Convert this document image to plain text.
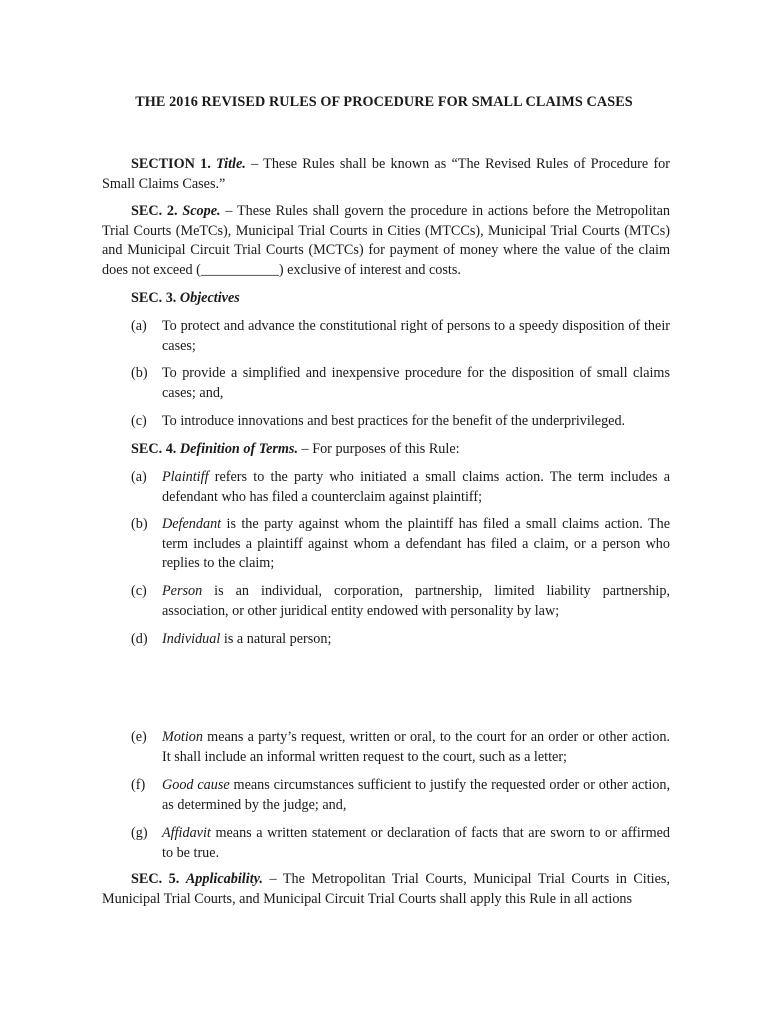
THE 2016 REVISED RULES OF PROCEDURE FOR SMALL CLAIMS CASES
SECTION 1. Title. – These Rules shall be known as “The Revised Rules of Procedure for Small Claims Cases.”
SEC. 2. Scope. – These Rules shall govern the procedure in actions before the Metropolitan Trial Courts (MeTCs), Municipal Trial Courts in Cities (MTCCs), Municipal Trial Courts (MTCs) and Municipal Circuit Trial Courts (MCTCs) for payment of money where the value of the claim does not exceed (___________) exclusive of interest and costs.
SEC. 3. Objectives
(a) To protect and advance the constitutional right of persons to a speedy disposition of their cases;
(b) To provide a simplified and inexpensive procedure for the disposition of small claims cases; and,
(c) To introduce innovations and best practices for the benefit of the underprivileged.
SEC. 4. Definition of Terms. – For purposes of this Rule:
(a) Plaintiff refers to the party who initiated a small claims action. The term includes a defendant who has filed a counterclaim against plaintiff;
(b) Defendant is the party against whom the plaintiff has filed a small claims action. The term includes a plaintiff against whom a defendant has filed a claim, or a person who replies to the claim;
(c) Person is an individual, corporation, partnership, limited liability partnership, association, or other juridical entity endowed with personality by law;
(d) Individual is a natural person;
(e) Motion means a party’s request, written or oral, to the court for an order or other action. It shall include an informal written request to the court, such as a letter;
(f) Good cause means circumstances sufficient to justify the requested order or other action, as determined by the judge; and,
(g) Affidavit means a written statement or declaration of facts that are sworn to or affirmed to be true.
SEC. 5. Applicability. – The Metropolitan Trial Courts, Municipal Trial Courts in Cities, Municipal Trial Courts, and Municipal Circuit Trial Courts shall apply this Rule in all actions
